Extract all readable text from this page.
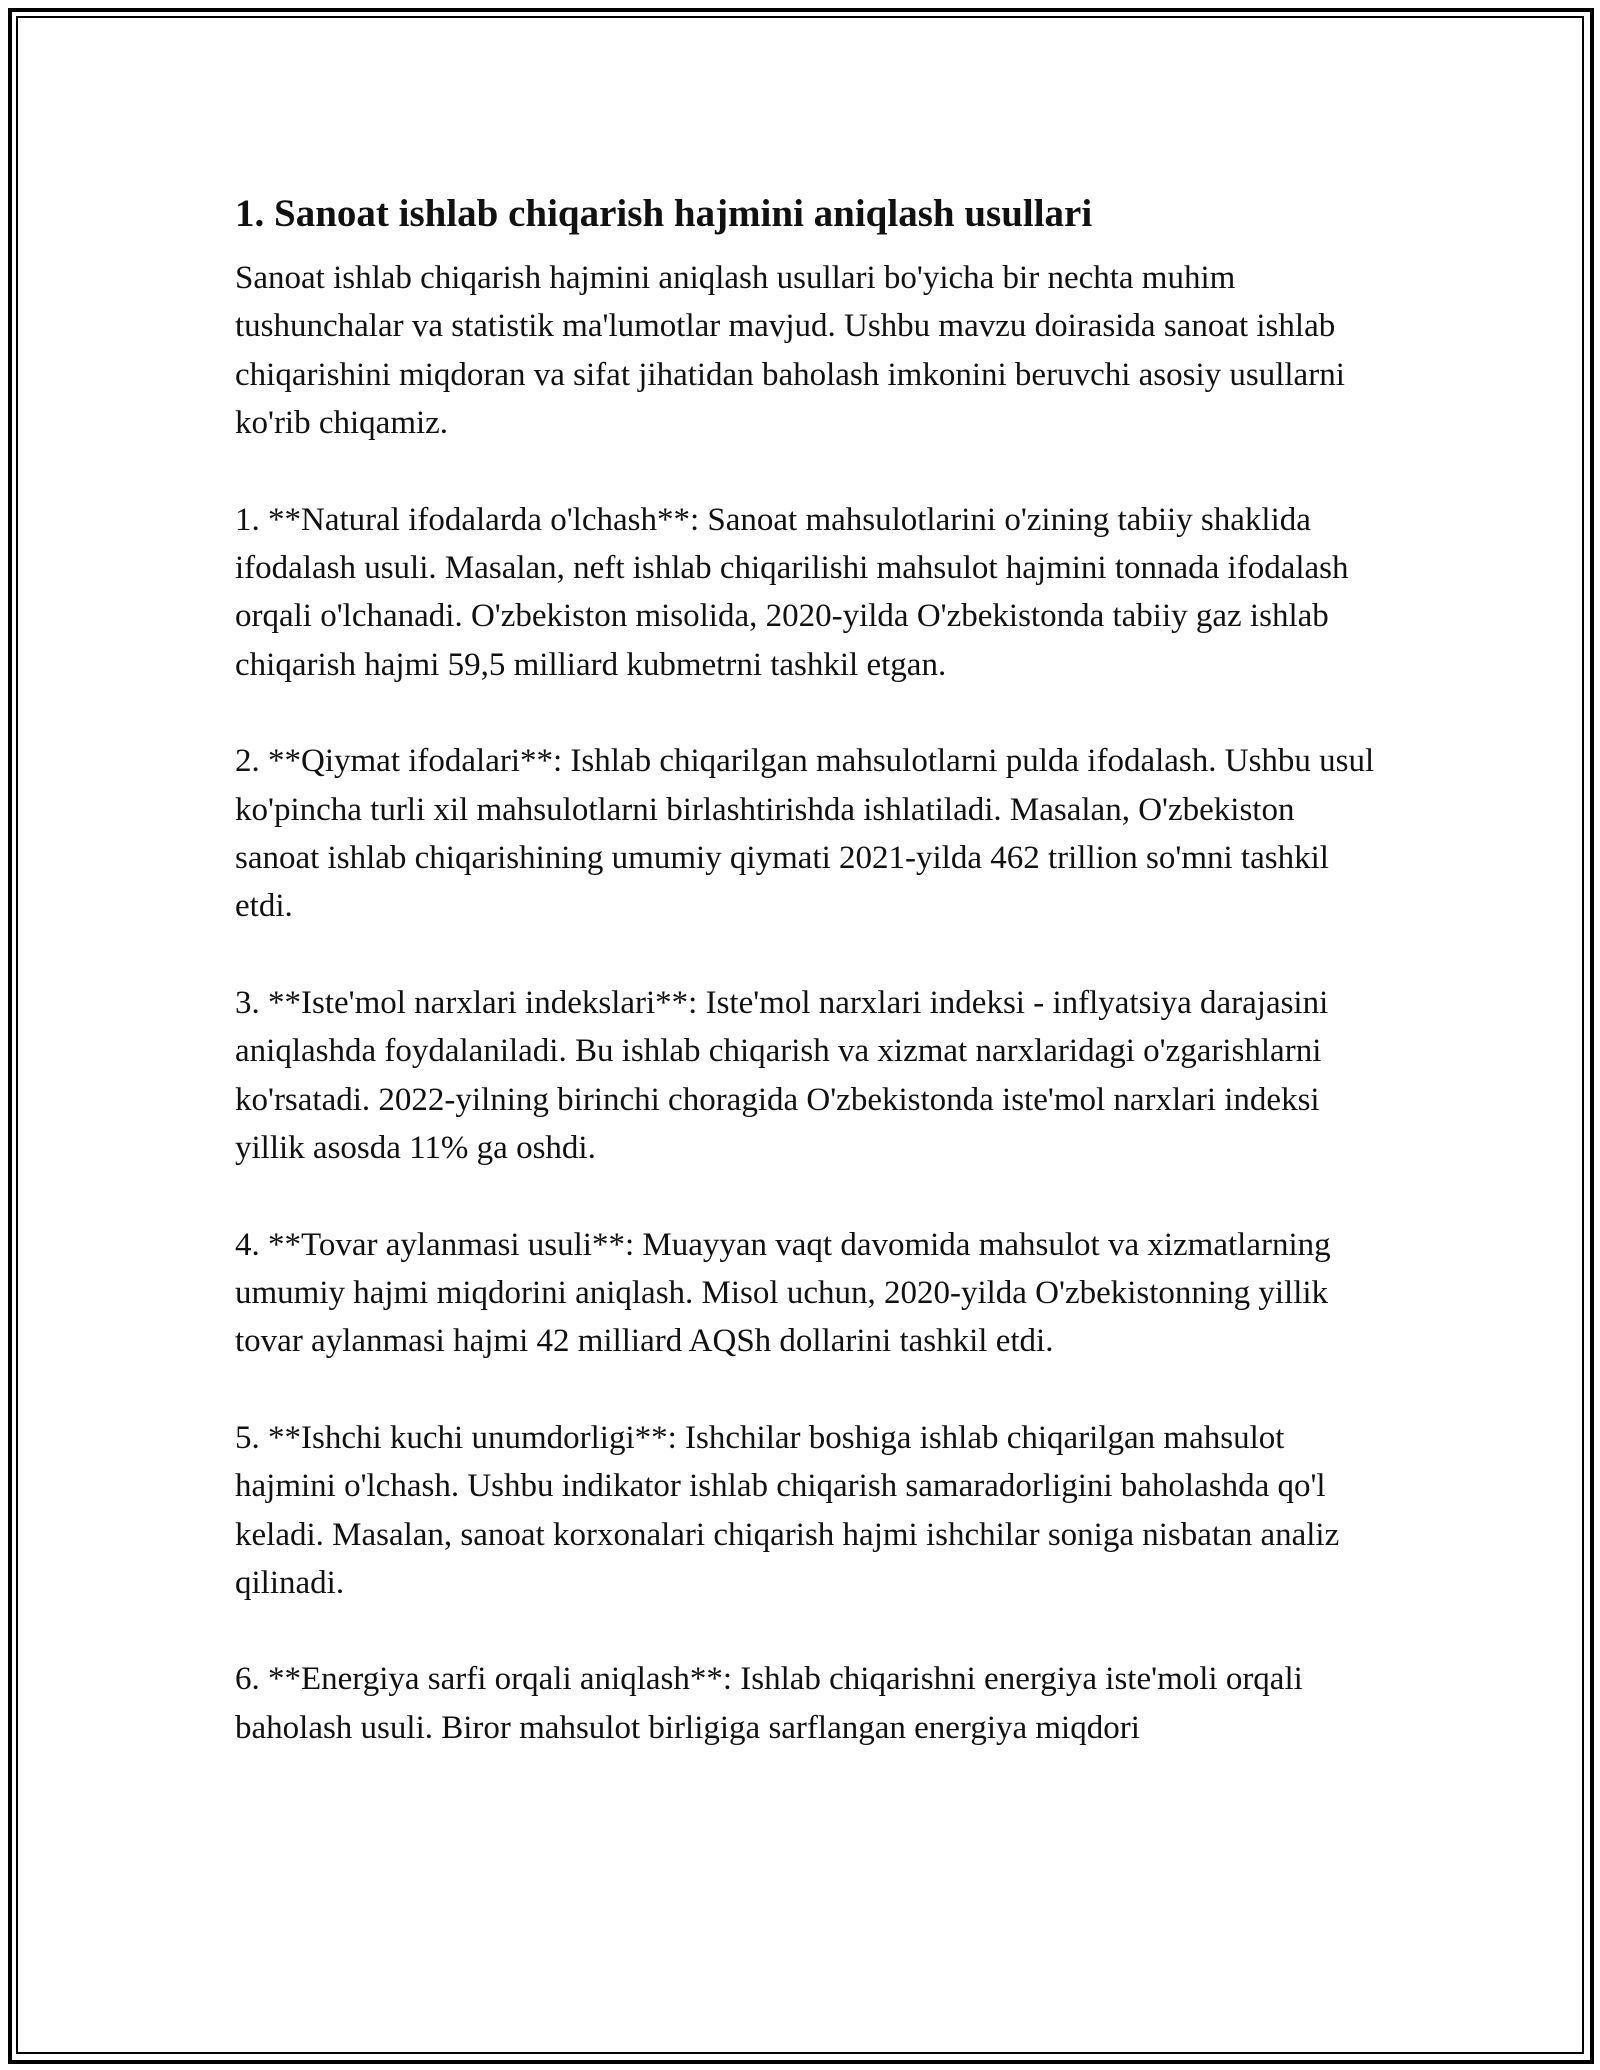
1. Sanoat ishlab chiqarish hajmini aniqlash usullari

Sanoat ishlab chiqarish hajmini aniqlash usullari bo'yicha bir nechta muhim tushunchalar va statistik ma'lumotlar mavjud. Ushbu mavzu doirasida sanoat ishlab chiqarishini miqdoran va sifat jihatidan baholash imkonini beruvchi asosiy usullarni ko'rib chiqamiz.

1. **Natural ifodalarda o'lchash**: Sanoat mahsulotlarini o'zining tabiiy shaklida ifodalash usuli. Masalan, neft ishlab chiqarilishi mahsulot hajmini tonnada ifodalash orqali o'lchanadi. O'zbekiston misolida, 2020-yilda O'zbekistonda tabiiy gaz ishlab chiqarish hajmi 59,5 milliard kubmetrni tashkil etgan.

2. **Qiymat ifodalari**: Ishlab chiqarilgan mahsulotlarni pulda ifodalash. Ushbu usul ko'pincha turli xil mahsulotlarni birlashtirishda ishlatiladi. Masalan, O'zbekiston sanoat ishlab chiqarishining umumiy qiymati 2021-yilda 462 trillion so'mni tashkil etdi.

3. **Iste'mol narxlari indekslari**: Iste'mol narxlari indeksi - inflyatsiya darajasini aniqlashda foydalaniladi. Bu ishlab chiqarish va xizmat narxlaridagi o'zgarishlarni ko'rsatadi. 2022-yilning birinchi choragida O'zbekistonda iste'mol narxlari indeksi yillik asosda 11% ga oshdi.

4. **Tovar aylanmasi usuli**: Muayyan vaqt davomida mahsulot va xizmatlarning umumiy hajmi miqdorini aniqlash. Misol uchun, 2020-yilda O'zbekistonning yillik tovar aylanmasi hajmi 42 milliard AQSh dollarini tashkil etdi.

5. **Ishchi kuchi unumdorligi**: Ishchilar boshiga ishlab chiqarilgan mahsulot hajmini o'lchash. Ushbu indikator ishlab chiqarish samaradorligini baholashda qo'l keladi. Masalan, sanoat korxonalari chiqarish hajmi ishchilar soniga nisbatan analiz qilinadi.

6. **Energiya sarfi orqali aniqlash**: Ishlab chiqarishni energiya iste'moli orqali baholash usuli. Biror mahsulot birligiga sarflangan energiya miqdori
